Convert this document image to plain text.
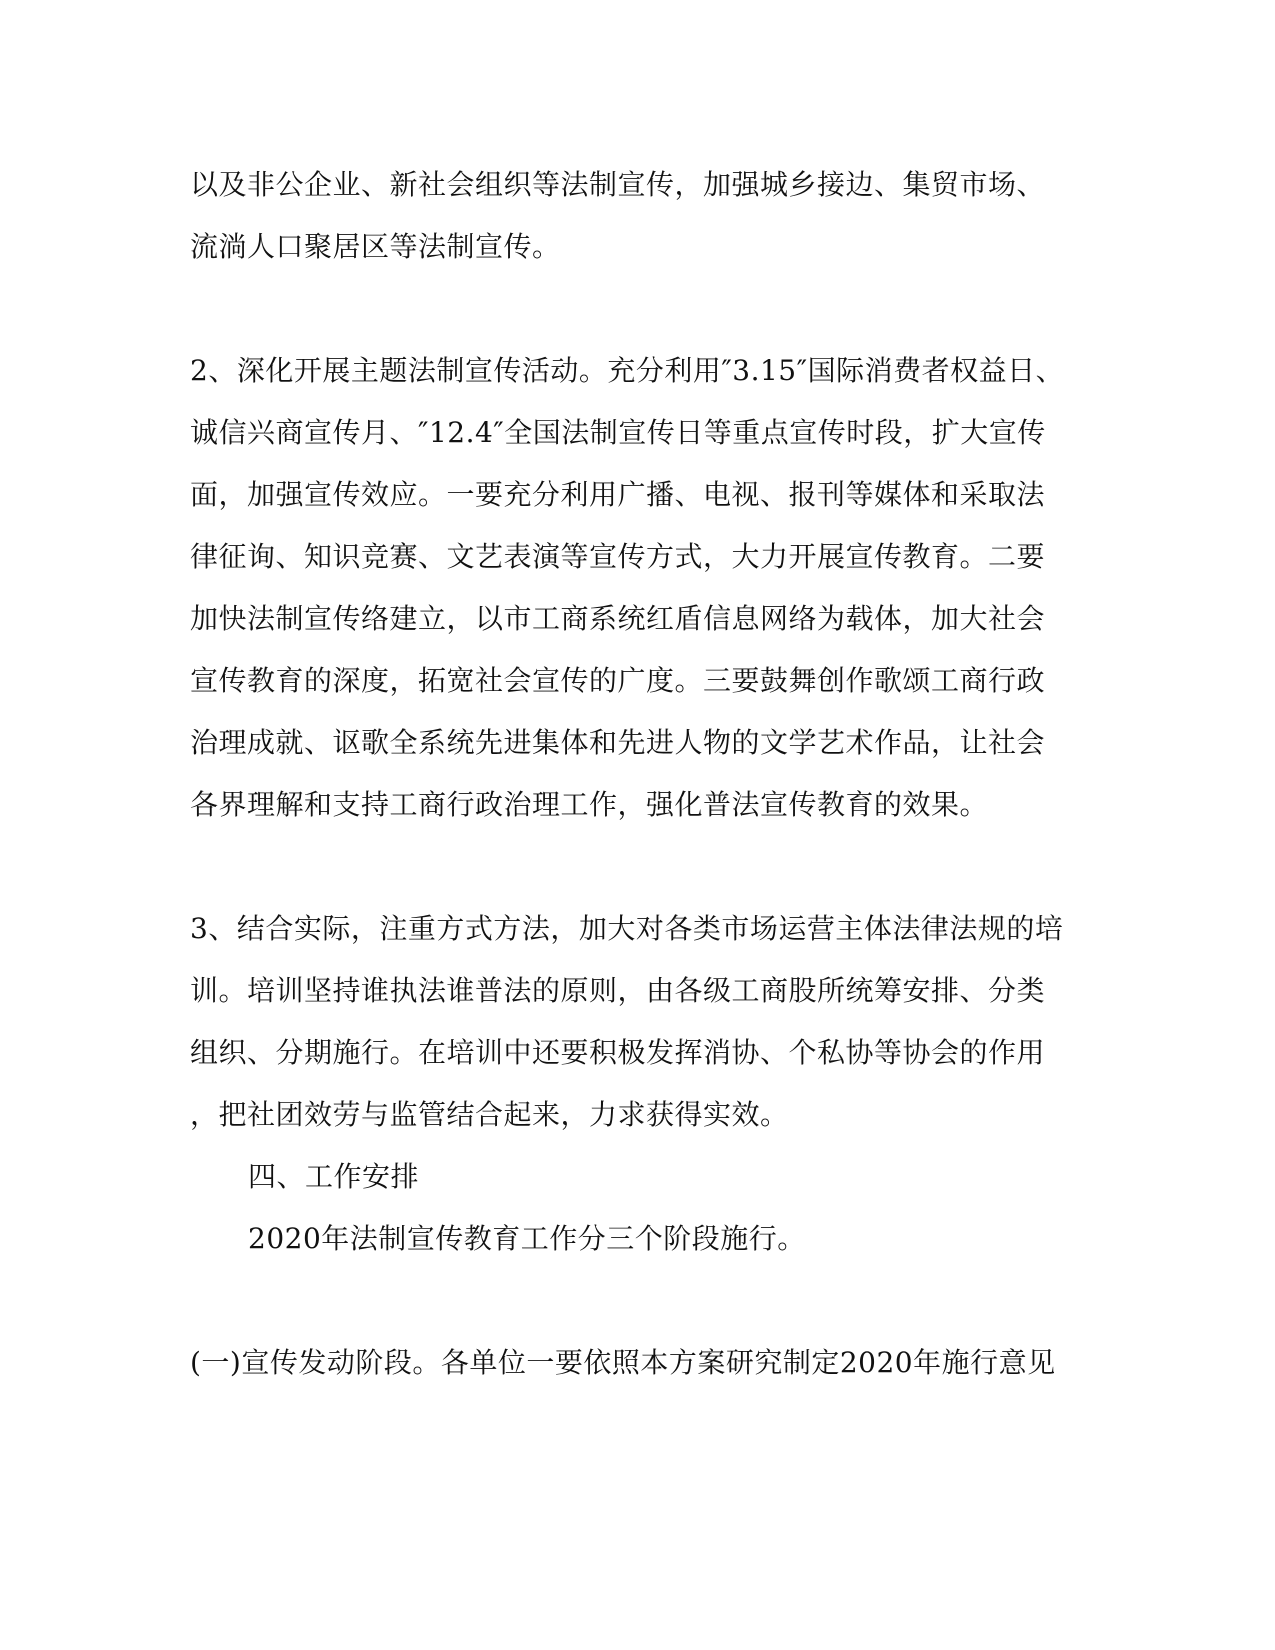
以及非公企业、新社会组织等法制宣传，加强城乡接边、集贸市场、
流淌人口聚居区等法制宣传。
2、深化开展主题法制宣传活动。充分利用″3.15″国际消费者权益日、
诚信兴商宣传月、″12.4″全国法制宣传日等重点宣传时段，扩大宣传
面，加强宣传效应。一要充分利用广播、电视、报刊等媒体和采取法
律征询、知识竞赛、文艺表演等宣传方式，大力开展宣传教育。二要
加快法制宣传络建立，以市工商系统红盾信息网络为载体，加大社会
宣传教育的深度，拓宽社会宣传的广度。三要鼓舞创作歌颂工商行政
治理成就、讴歌全系统先进集体和先进人物的文学艺术作品，让社会
各界理解和支持工商行政治理工作，强化普法宣传教育的效果。
3、结合实际，注重方式方法，加大对各类市场运营主体法律法规的培
训。培训坚持谁执法谁普法的原则，由各级工商股所统筹安排、分类
组织、分期施行。在培训中还要积极发挥消协、个私协等协会的作用
，把社团效劳与监管结合起来，力求获得实效。
四、工作安排
2020年法制宣传教育工作分三个阶段施行。
(一)宣传发动阶段。各单位一要依照本方案研究制定2020年施行意见
